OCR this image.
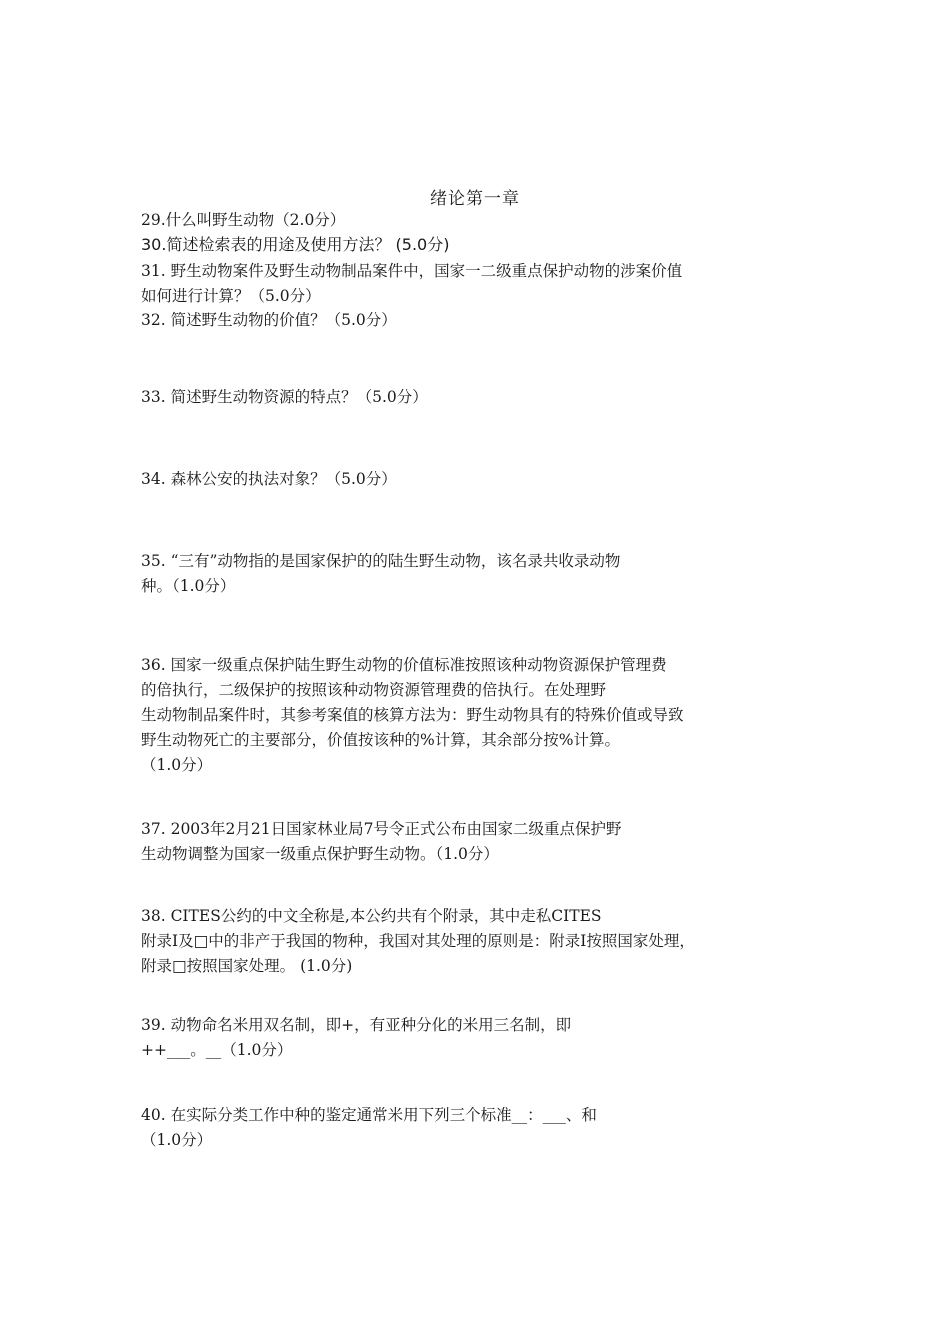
绪论第一章
29.什么叫野生动物（2.0分）
30.简述检索表的用途及使用方法？ (5.0分)
31. 野生动物案件及野生动物制品案件中，国家一二级重点保护动物的涉案价值
如何进行计算？（5.0分）
32. 简述野生动物的价值？（5.0分）
33. 简述野生动物资源的特点？（5.0分）
34. 森林公安的执法对象？（5.0分）
35. “三有”动物指的是国家保护的的陆生野生动物，该名录共收录动物
种。（1.0分）
36. 国家一级重点保护陆生野生动物的价值标准按照该种动物资源保护管理费
的倍执行，二级保护的按照该种动物资源管理费的倍执行。在处理野
生动物制品案件时，其参考案值的核算方法为：野生动物具有的特殊价值或导致
野生动物死亡的主要部分，价值按该种的%计算，其余部分按%计算。
（1.0分）
37. 2003年2月21日国家林业局7号令正式公布由国家二级重点保护野
生动物调整为国家一级重点保护野生动物。（1.0分）
38. CITES公约的中文全称是,本公约共有个附录，其中走私CITES
附录Ⅰ及□中的非产于我国的物种，我国对其处理的原则是：附录Ⅰ按照国家处理，
附录□按照国家处理。 (1.0分)
39. 动物命名米用双名制，即+，有亚种分化的米用三名制，即
++___。__（1.0分）
40. 在实际分类工作中种的鉴定通常米用下列三个标准__：___、和
（1.0分）
